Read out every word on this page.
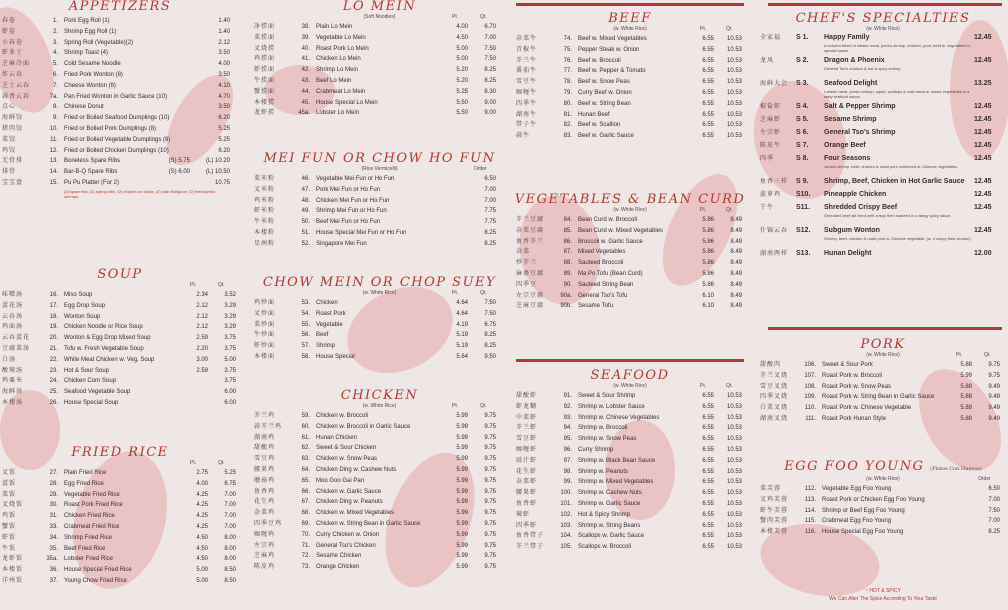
APPETIZERS
春卷	1. Pork Egg Roll (1)	1.40
虾卷	2. Shrimp Egg Roll (1)	1.40
小春卷	3. Spring Roll (Vegetable)(2)	2.12
虾多士	4. Shrimp Toast (4)	3.50
芝麻冷面	5. Cold Sesame Noodle	4.00
炸云吞	6. Fried Pork Wonton (8)	3.50
芝士云吞	7. Cheese Wonton (8)	4.10
蒜香云吞	7a. Pan Fried Wonton in Garlic Sauce (10)	4.70
点心	8. Chinese Donut	3.50
海鲜饺	9. Fried or Boiled Seafood Dumplings (10)	6.20
猪肉饺	10. Fried or Boiled Pork Dumplings (8)	5.25
菜饺	11. Fried or Boiled Vegetable Dumplings (8)	5.25
鸡饺	12. Fried or Boiled Chicken Dumplings (10)	6.20
无骨排	13. Boneless Spare Ribs	(S) 5.75	(L) 10.20
排骨	14. Bar-B-Q Spare Ribs	(S) 6.00	(L) 10.50
宝宝盘	15. Pu Pu Platter (For 2)	10.75
(2) spare ribs, (2) spring rolls, (2) chicken on sticks, (2) crab Rangoon, (2) fried jumbo shrimps.
SOUP
Pt.	Qt.
味噌汤	16. Miso Soup	2.34	3.52
蛋花汤	17. Egg Drop Soup	2.12	3.29
云吞汤	18. Wonton Soup	2.12	3.29
鸡面汤	19. Chicken Noodle or Rice Soup	2.12	3.29
云吞蛋花	20. Wonton & Egg Drop Mixed Soup	2.59	3.75
豆腐菜汤	21. Tofu w. Fresh Vegetable Soup	2.20	3.75
白汤	22. White Meat Chicken w. Veg. Soup	3.00	5.00
酸辣汤	23. Hot & Sour Soup	2.59	3.75
鸡粟米	24. Chicken Corn Soup	3.75
海鲜汤	25. Seafood Vegetable Soup	6.00
本楼汤	26. House Special Soup	6.00
FRIED RICE
Pt.	Qt.
叉饭	27. Plain Fried Rice	2.75	5.25
蛋饭	28. Egg Fried Rice	4.00	6.75
菜饭	29. Vegetable Fried Rice	4.25	7.00
叉烧饭	30. Roast Pork Fried Rice	4.25	7.00
鸡饭	31. Chicken Fried Rice	4.25	7.00
蟹饭	33. Crabmeat Fried Rice	4.25	7.00
虾饭	34. Shrimp Fried Rice	4.50	8.00
牛饭	35. Beef Fried Rice	4.50	8.00
龙虾饭	35a. Lobster Fried Rice	4.50	8.00
本楼饭	36. House Special Fried Rice	5.00	8.50
洋州饭	37. Young Chow Fried Rice	5.00	8.50
LO MEIN
(Soft Noodles)	Pt.	Qt.
净捞面	38. Plain Lo Mein	4.00	6.70
菜捞面	39. Vegetable Lo Mein	4.50	7.00
叉烧捞	40. Roast Pork Lo Mein	5.00	7.50
鸡捞面	41. Chicken Lo Mein	5.00	7.50
虾捞面	42. Shrimp Lo Mein	5.20	8.25
牛捞面	43. Beef Lo Mein	5.20	8.25
蟹捞面	44. Crabmeat Lo Mein	5.25	8.30
本楼捞	45. House Special Lo Mein	5.50	9.00
龙虾捞	45a. Lobster Lo Mein	5.50	9.00
MEI FUN OR CHOW HO FUN
(Rice Vermicelli)	Order
菜米粉	46. Vegetable Mei Fun or Ho Fun	6.50
叉米粉	47. Pork Mei Fun or Ho Fun	7.00
鸡米粉	48. Chicken Mei Fun or Ho Fun	7.00
虾米粉	49. Shrimp Mei Fun or Ho Fun	7.75
牛米粉	50. Beef Mei Fun or Ho Fun	7.75
本楼粉	51. House Special Mei Fun or Ho Fun	8.25
星洲粉	52. Singapore Mei Fun	8.25
CHOW MEIN OR CHOP SUEY
(w. White Rice)	Pt.	Qt.
鸡炒面	53. Chicken	4.64	7.50
叉炒面	54. Roast Pork	4.64	7.50
菜炒面	55. Vegetable	4.19	6.75
牛炒面	56. Beef	5.19	8.25
虾炒面	57. Shrimp	5.19	8.25
本楼面	58. House Special	5.64	9.50
CHICKEN
(w. White Rice)	Pt.	Qt.
芥兰鸡	59. Chicken w. Broccoli	5.99	9.75
蒜芥兰鸡	60. Chicken w. Broccoli in Garlic Sauce	5.99	9.75
湖南鸡	61. Hunan Chicken	5.99	9.75
甜酸鸡	62. Sweet & Sour Chicken	5.99	9.75
雪豆鸡	63. Chicken w. Snow Peas	5.99	9.75
腰果鸡	64. Chicken Ding w. Cashew Nuts	5.99	9.75
蘑菇鸡	65. Moo Goo Gai Pan	5.99	9.75
鱼香鸡	66. Chicken w. Garlic Sauce	5.99	9.75
花生鸡	67. Chicken Ding w. Peanuts	5.99	9.75
杂菜鸡	68. Chicken w. Mixed Vegetables	5.99	9.75
四季豆鸡	69. Chicken w. String Bean in Garlic Sauce	5.99	9.75
咖喱鸡	70. Curry Chicken w. Onion	5.99	9.75
左宗鸡	71. General Tso's Chicken	5.99	9.75
芝麻鸡	72. Sesame Chicken	5.99	9.75
陈皮鸡	73. Orange Chicken	5.99	9.75
BEEF
(w. White Rice)	Pt.	Qt.
杂菜牛	74. Beef w. Mixed Vegetables	6.55	10.53
青椒牛	75. Pepper Steak w. Onion	6.55	10.53
芥兰牛	76. Beef w. Broccoli	6.55	10.53
番茄牛	77. Beef w. Pepper & Tomato	6.55	10.53
雪豆牛	78. Beef w. Snow Peas	6.55	10.53
咖喱牛	79. Curry Beef w. Onion	6.55	10.53
四季牛	80. Beef w. String Bean	6.55	10.53
湖南牛	81. Hunan Beef	6.55	10.53
带子牛	82. Beef w. Scallion	6.55	10.53
蒜牛	83. Beef w. Garlic Sauce	6.55	10.53
VEGETABLES & BEAN CURD
(w. White Rice)	Pt.	Qt.
芥兰豆腐	84. Bean Curd w. Broccoli	5.86	8.49
杂菜豆腐	85. Bean Curd w. Mixed Vegetables	5.86	8.49
鱼香芥兰	86. Broccoli w. Garlic Sauce	5.86	8.49
杂菜	87. Mixed Vegetables	5.86	8.49
炒芥兰	88. Sauteed Broccoli	5.86	8.49
麻婆豆腐	89. Ma Po Tofu (Bean Curd)	5.86	8.49
四季豆	90. Sauteed String Bean	5.86	8.49
左宗豆腐	90a. General Tso's Tofu	6.10	8.49
芝麻豆腐	90b. Sesame Tofu	6.10	8.49
SEAFOOD
(w. White Rice)	Pt.	Qt.
甜酸虾	91. Sweet & Sour Shrimp	6.55	10.53
虾龙糊	92. Shrimp w. Lobster Sauce	6.55	10.53
中菜虾	93. Shrimp w. Chinese Vegetables	6.55	10.53
芥兰虾	94. Shrimp w. Broccoli	6.55	10.53
雪豆虾	95. Shrimp w. Snow Peas	6.55	10.53
咖喱虾	96. Curry Shrimp	6.55	10.53
豉汁虾	97. Shrimp w. Black Bean Sauce	6.55	10.53
花生虾	98. Shrimp w. Peanuts	6.55	10.53
杂菜虾	99. Shrimp w. Mixed Vegetables	6.55	10.53
腰果虾	100. Shrimp w. Cashew Nuts	6.55	10.53
鱼香虾	101. Shrimp w. Garlic Sauce	6.55	10.53
辣虾	102. Hot & Spicy Shrimp	6.55	10.53
四季虾	103. Shrimp w. String Beans	6.55	10.53
鱼香带子	104. Scallops w. Garlic Sauce	6.55	10.53
芥兰带子	105. Scallops w. Broccoli	6.55	10.53
CHEF'S SPECIALTIES
(w. White Rice)
全家福	S 1. Happy Family	12.45
A colorful blend of lobster meat, jumbo shrimp, chicken, pork, beef w. vegetables in special sauce.
龙凤	S 2. Dragon & Phoenix	12.45
General Tso's chicken & hot & spicy shrimp.
海鲜大会	S 3. Seafood Delight	13.25
Lobster meat, jumbo shrimp, squid, scallops & crab meat w. mixed vegetables in a tasty seafood sauce.
椒盐虾	S 4. Salt & Pepper Shrimp	12.45
芝麻虾	S 5. Sesame Shrimp	12.45
左宗虾	S 6. General Tso's Shrimp	12.45
陈皮牛	S 7. Orange Beef	12.45
四季	S 8. Four Seasons	12.45
Jumbo shrimp, beef, chicken & roast pork combined w. Chinese vegetables.
鱼香三样	S 9. Shrimp, Beef, Chicken in Hot Garlic Sauce	12.45
菠萝鸡	S10. Pineapple Chicken	12.45
干牛	S11. Shredded Crispy Beef	12.45
Shredded beef stir-fried until crispy then sautéed in a tangy spicy sauce.
什锦云吞	S12. Subgum Wonton	12.45
Shrimp, beef, chicken & roast pork w. Chinese vegetable. (w. 4 crispy fried wonton)
湖南两样	S13. Hunan Delight	12.00
PORK
(w. White Rice)	Pt.	Qt.
甜酸肉	106. Sweet & Sour Pork	5.88	9.75
芥兰叉烧	107. Roast Pork w. Broccoli	5.99	9.75
雪豆叉烧	108. Roast Pork w. Snow Peas	5.88	9.49
四季叉烧	109. Roast Pork w. String Bean in Garlic Sauce	5.88	9.49
白菜叉烧	110. Roast Pork w. Chinese Vegetable	5.88	9.49
湖南叉烧	111. Roast Pork Hunan Style	5.88	9.49
EGG FOO YOUNG (Platos Con Huevos)
(w. White Rice)	Order
菜芙蓉	112. Vegetable Egg Foo Young	6.50
叉鸡芙蓉	113. Roast Pork or Chicken Egg Foo Young	7.00
虾牛芙蓉	114. Shrimp or Beef Egg Foo Young	7.50
蟹肉芙蓉	115. Crabmeat Egg Foo Young	7.00
本楼芙蓉	116. House Special Egg Foo Young	8.25
~ HOT & SPICY
We Can Alter The Spice According To Your Taste
